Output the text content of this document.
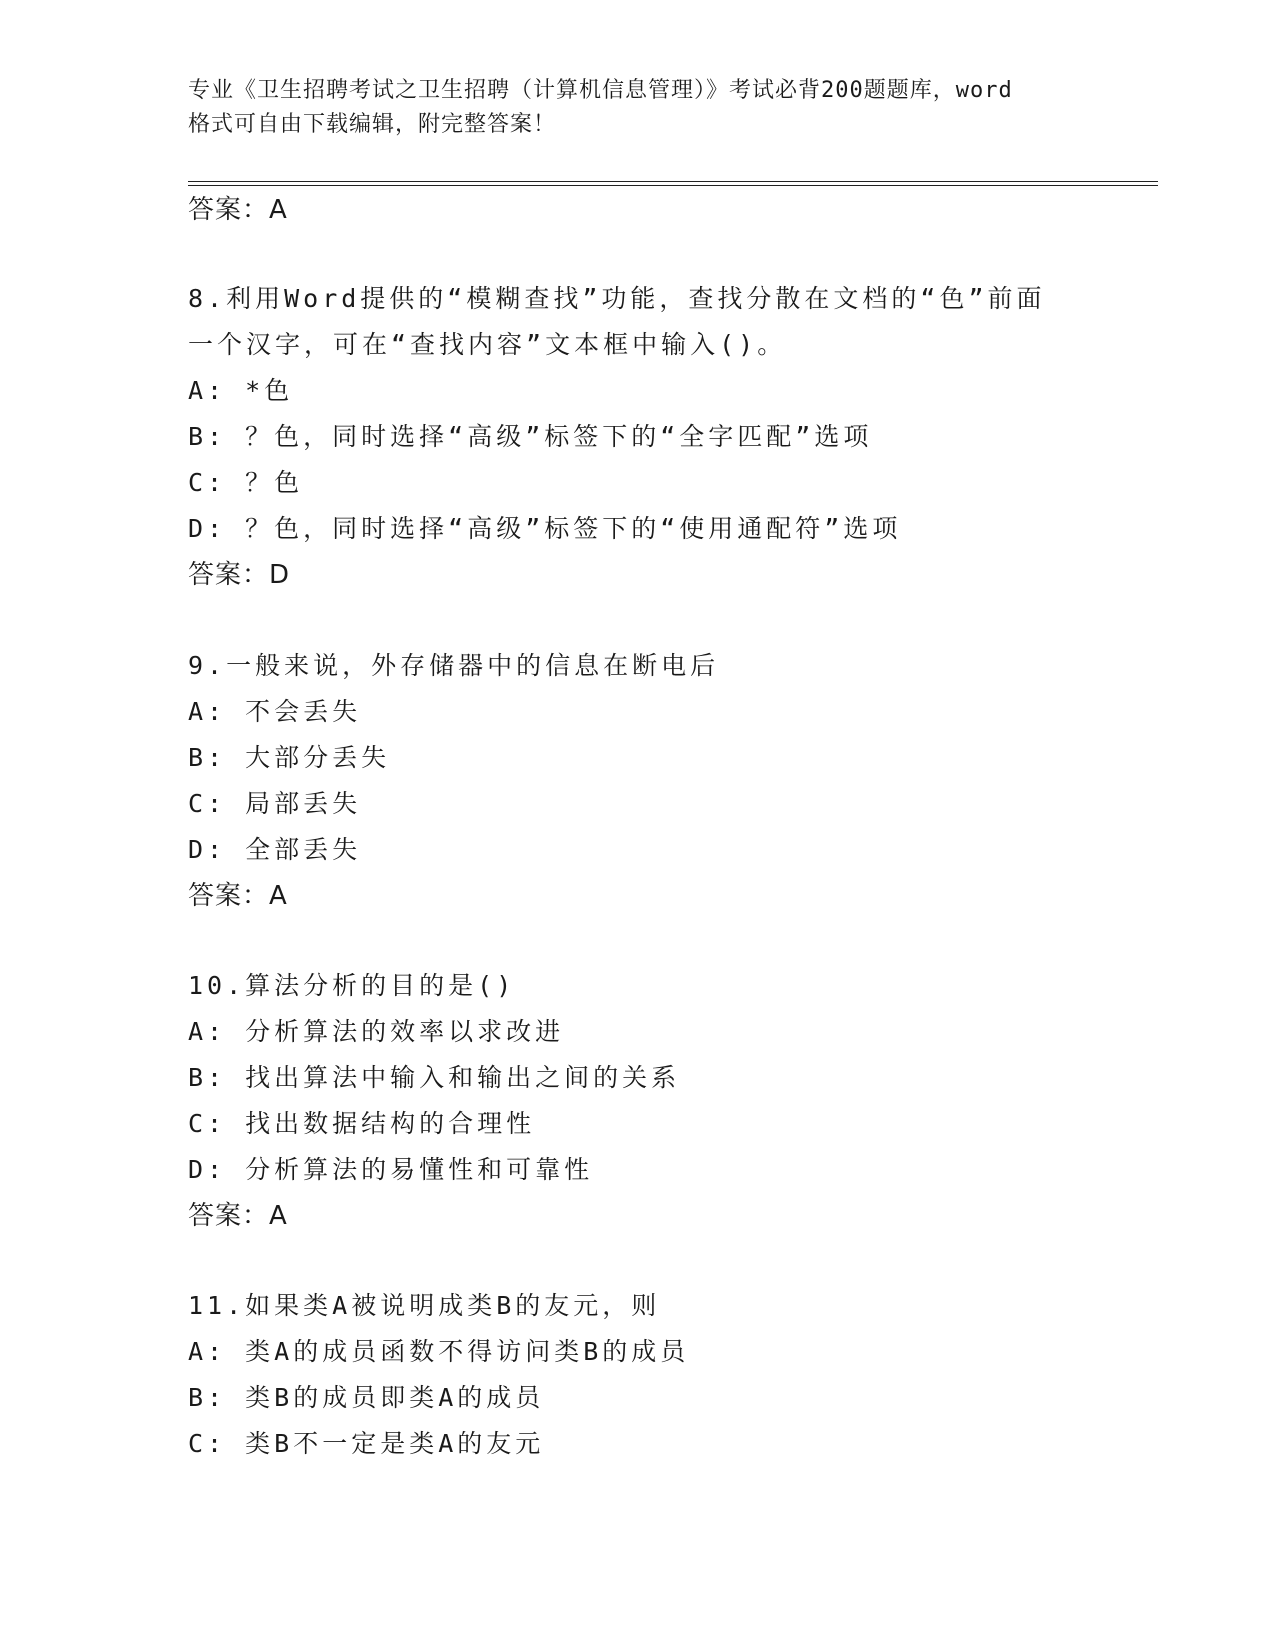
专业《卫生招聘考试之卫生招聘（计算机信息管理）》考试必背200题题库，word
格式可自由下载编辑，附完整答案！
答案：A
8.利用Word提供的“模糊查找”功能，查找分散在文档的“色”前面
一个汉字，可在“查找内容”文本框中输入()。
A: *色
B: ？色，同时选择“高级”标签下的“全字匹配”选项
C: ？色
D: ？色，同时选择“高级”标签下的“使用通配符”选项
答案：D
9.一般来说，外存储器中的信息在断电后
A: 不会丢失
B: 大部分丢失
C: 局部丢失
D: 全部丢失
答案：A
10.算法分析的目的是()
A: 分析算法的效率以求改进
B: 找出算法中输入和输出之间的关系
C: 找出数据结构的合理性
D: 分析算法的易懂性和可靠性
答案：A
11.如果类A被说明成类B的友元，则
A: 类A的成员函数不得访问类B的成员
B: 类B的成员即类A的成员
C: 类B不一定是类A的友元
